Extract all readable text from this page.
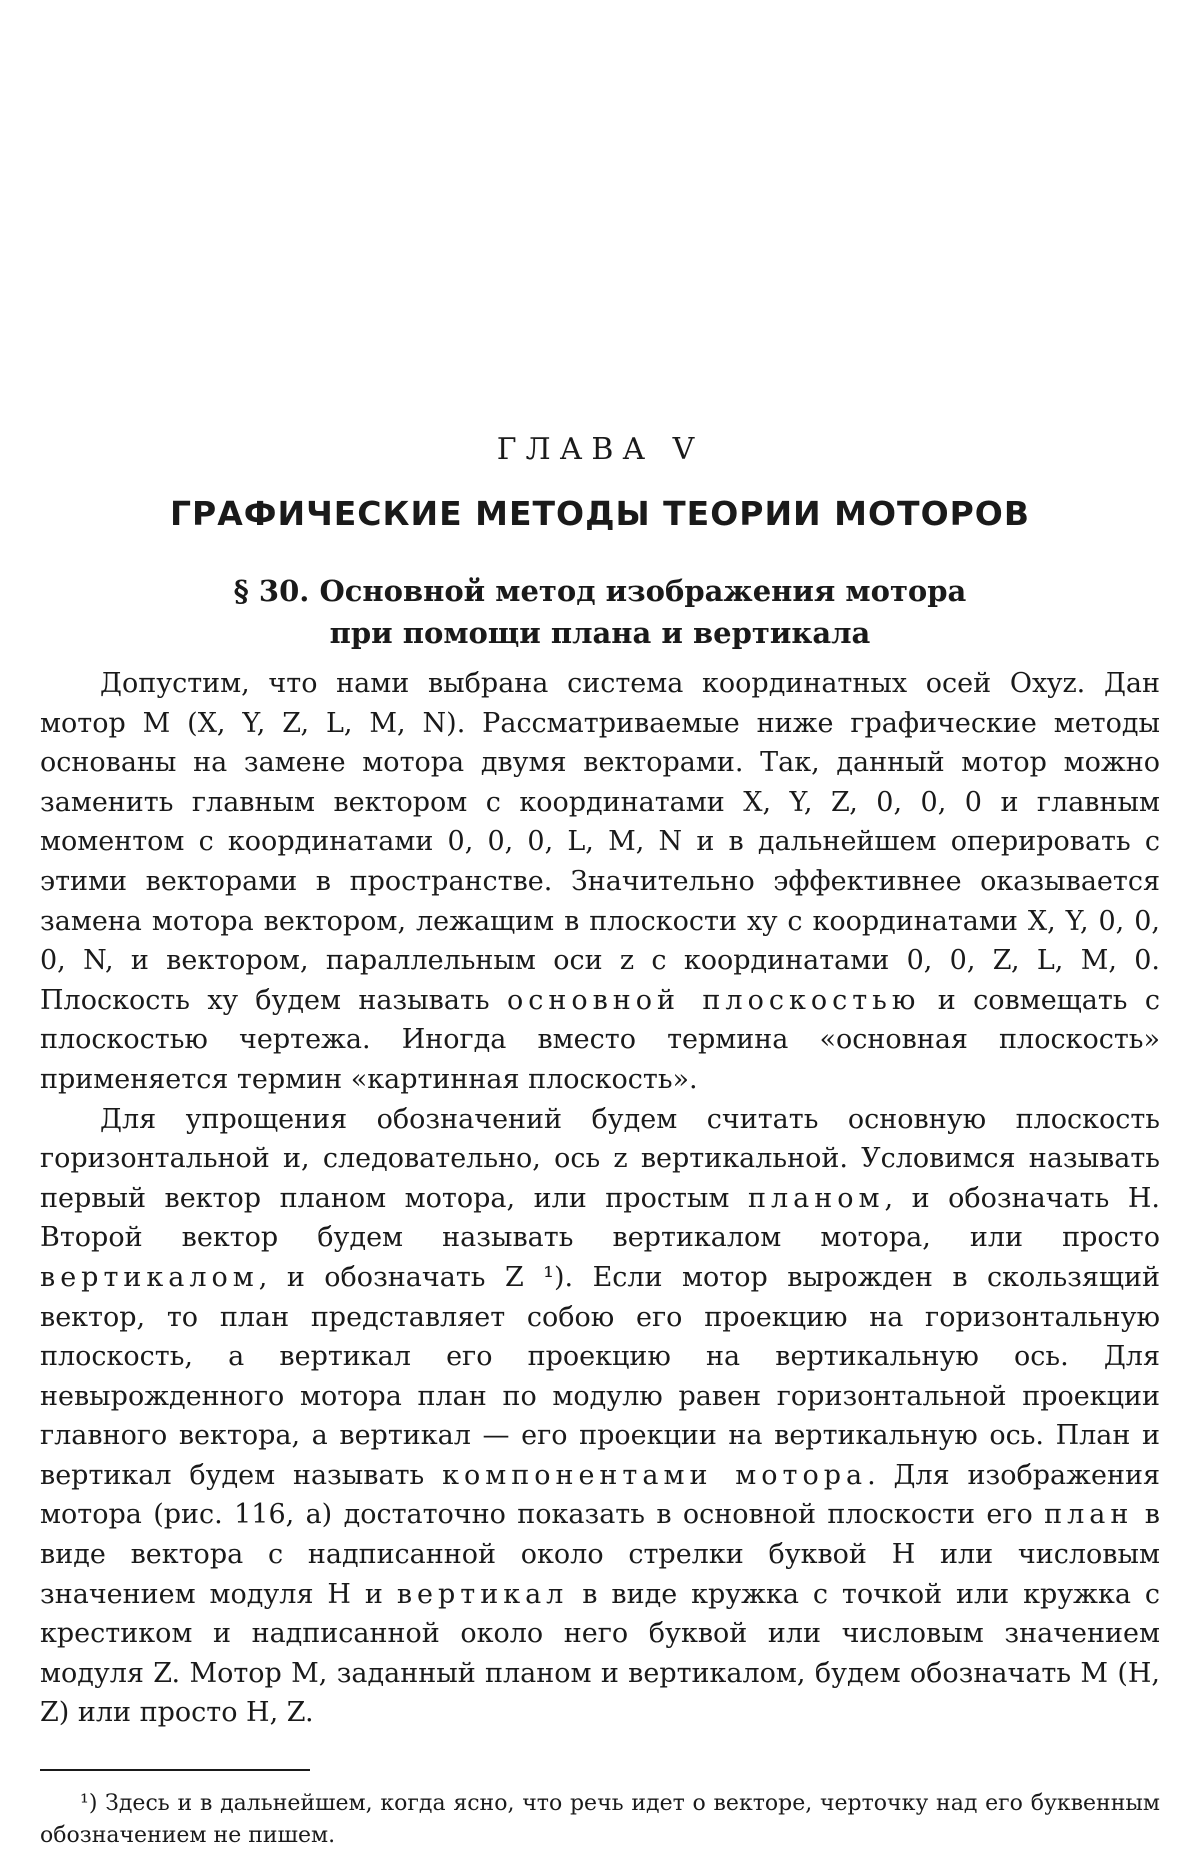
ГЛАВА V
ГРАФИЧЕСКИЕ МЕТОДЫ ТЕОРИИ МОТОРОВ
§ 30. Основной метод изображения мотора
при помощи плана и вертикала

Допустим, что нами выбрана система координатных осей Oxyz. Дан мотор M (X, Y, Z, L, M, N). Рассматриваемые ниже графические методы основаны на замене мотора двумя векторами. Так, данный мотор можно заменить главным вектором с координатами X, Y, Z, 0, 0, 0 и главным моментом с координатами 0, 0, 0, L, M, N и в дальнейшем оперировать с этими векторами в пространстве. Значительно эффективнее оказывается замена мотора вектором, лежащим в плоскости xy с координатами X, Y, 0, 0, 0, N, и вектором, параллельным оси z с координатами 0, 0, Z, L, M, 0. Плоскость xy будем называть основной плоскостью и совмещать с плоскостью чертежа. Иногда вместо термина «основная плоскость» применяется термин «картинная плоскость».

Для упрощения обозначений будем считать основную плоскость горизонтальной и, следовательно, ось z вертикальной. Условимся называть первый вектор планом мотора, или простым планом, и обозначать H. Второй вектор будем называть вертикалом мотора, или просто вертикалом, и обозначать Z ¹). Если мотор вырожден в скользящий вектор, то план представляет собою его проекцию на горизонтальную плоскость, а вертикал его проекцию на вертикальную ось. Для невырожденного мотора план по модулю равен горизонтальной проекции главного вектора, а вертикал — его проекции на вертикальную ось. План и вертикал будем называть компонентами мотора. Для изображения мотора (рис. 116, a) достаточно показать в основной плоскости его план в виде вектора с надписанной около стрелки буквой H или числовым значением модуля H и вертикал в виде кружка с точкой или кружка с крестиком и надписанной около него буквой или числовым значением модуля Z. Мотор M, заданный планом и вертикалом, будем обозначать M (H, Z) или просто H, Z.

¹) Здесь и в дальнейшем, когда ясно, что речь идет о векторе, черточку над его буквенным обозначением не пишем.
